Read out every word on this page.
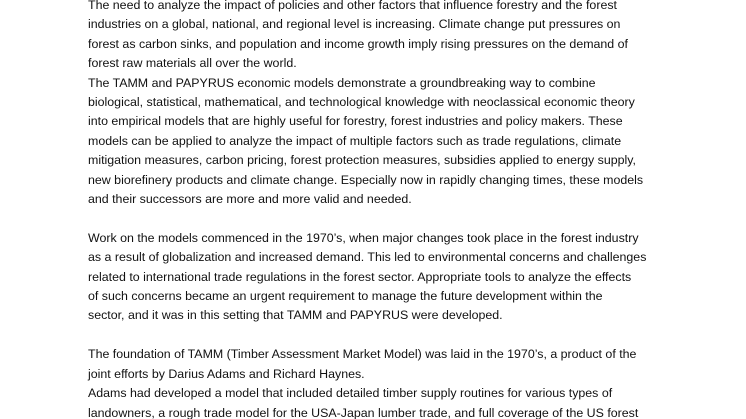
The need to analyze the impact of policies and other factors that influence forestry and the forest

industries on a global, national, and regional level is increasing. Climate change put pressures on

forest as carbon sinks, and population and income growth imply rising pressures on the demand of

forest raw materials all over the world.

The TAMM and PAPYRUS economic models demonstrate a groundbreaking way to combine

biological, statistical, mathematical, and technological knowledge with neoclassical economic theory

into empirical models that are highly useful for forestry, forest industries and policy makers. These

models can be applied to analyze the impact of multiple factors such as trade regulations, climate

mitigation measures, carbon pricing, forest protection measures, subsidies applied to energy supply,

new biorefinery products and climate change. Especially now in rapidly changing times, these models

and their successors are more and more valid and needed.

Work on the models commenced in the 1970’s, when major changes took place in the forest industry

as a result of globalization and increased demand. This led to environmental concerns and challenges

related to international trade regulations in the forest sector. Appropriate tools to analyze the effects

of such concerns became an urgent requirement to manage the future development within the

sector, and it was in this setting that TAMM and PAPYRUS were developed.

The foundation of TAMM (Timber Assessment Market Model) was laid in the 1970’s, a product of the

joint efforts by Darius Adams and Richard Haynes.

Adams had developed a model that included detailed timber supply routines for various types of

landowners, a rough trade model for the USA-Japan lumber trade, and full coverage of the US forest
